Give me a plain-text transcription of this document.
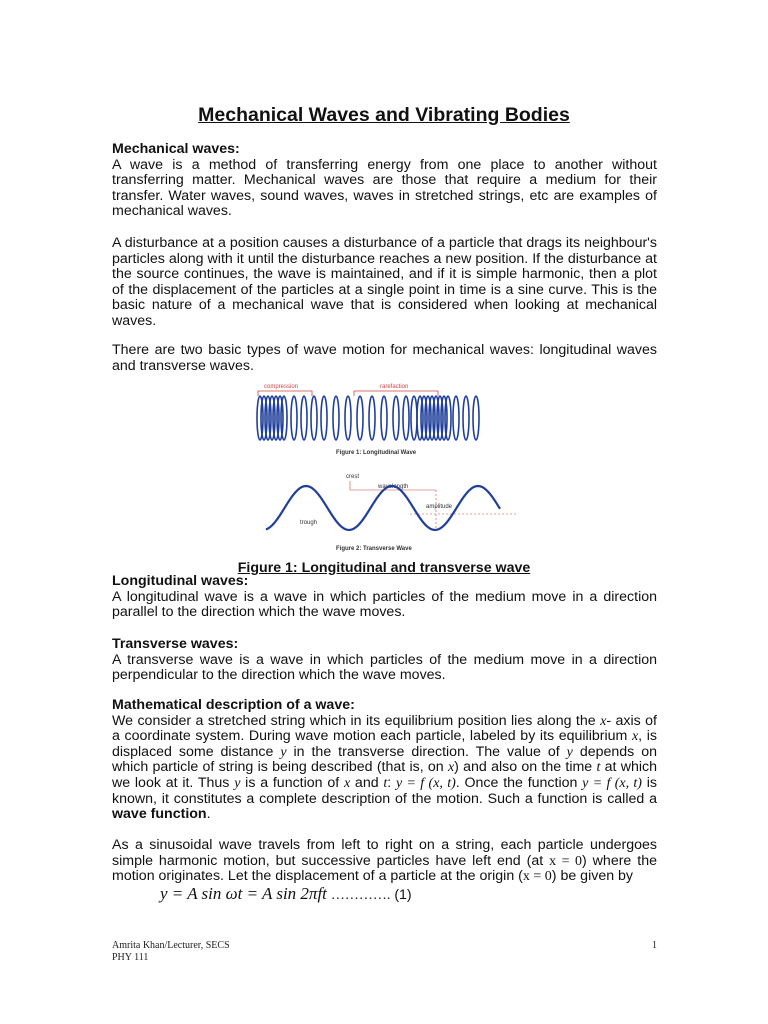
Mechanical Waves and Vibrating Bodies

Mechanical waves:

A wave is a method of transferring energy from one place to another without transferring matter. Mechanical waves are those that require a medium for their transfer. Water waves, sound waves, waves in stretched strings, etc are examples of mechanical waves.

A disturbance at a position causes a disturbance of a particle that drags its neighbour's particles along with it until the disturbance reaches a new position. If the disturbance at the source continues, the wave is maintained, and if it is simple harmonic, then a plot of the displacement of the particles at a single point in time is a sine curve. This is the basic nature of a mechanical wave that is considered when looking at mechanical waves.
There are two basic types of wave motion for mechanical waves: longitudinal waves and transverse waves.
compression	rarefaction
Figure 1: Longitudinal Wave
crest
wavelength
amplitude
trough
Figure 2: Transverse Wave
Figure 1: Longitudinal and transverse wave

Longitudinal waves:

A longitudinal wave is a wave in which particles of the medium move in a direction parallel to the direction which the wave moves.

Transverse waves:

A transverse wave is a wave in which particles of the medium move in a direction perpendicular to the direction which the wave moves.

Mathematical description of a wave:

We consider a stretched string which in its equilibrium position lies along the x- axis of a coordinate system. During wave motion each particle, labeled by its equilibrium x, is displaced some distance y in the transverse direction. The value of y depends on which particle of string is being described (that is, on x) and also on the time t at which we look at it. Thus y is a function of x and t: y = f (x, t). Once the function y = f (x, t) is known, it constitutes a complete description of the motion. Such a function is called a wave function.

As a sinusoidal wave travels from left to right on a string, each particle undergoes simple harmonic motion, but successive particles have left end (at x = 0) where the motion originates. Let the displacement of a particle at the origin (x = 0) be given by
y = A sin ωt = A sin 2πft …………. (1)
Amrita Khan/Lecturer, SECS
PHY 111
1
